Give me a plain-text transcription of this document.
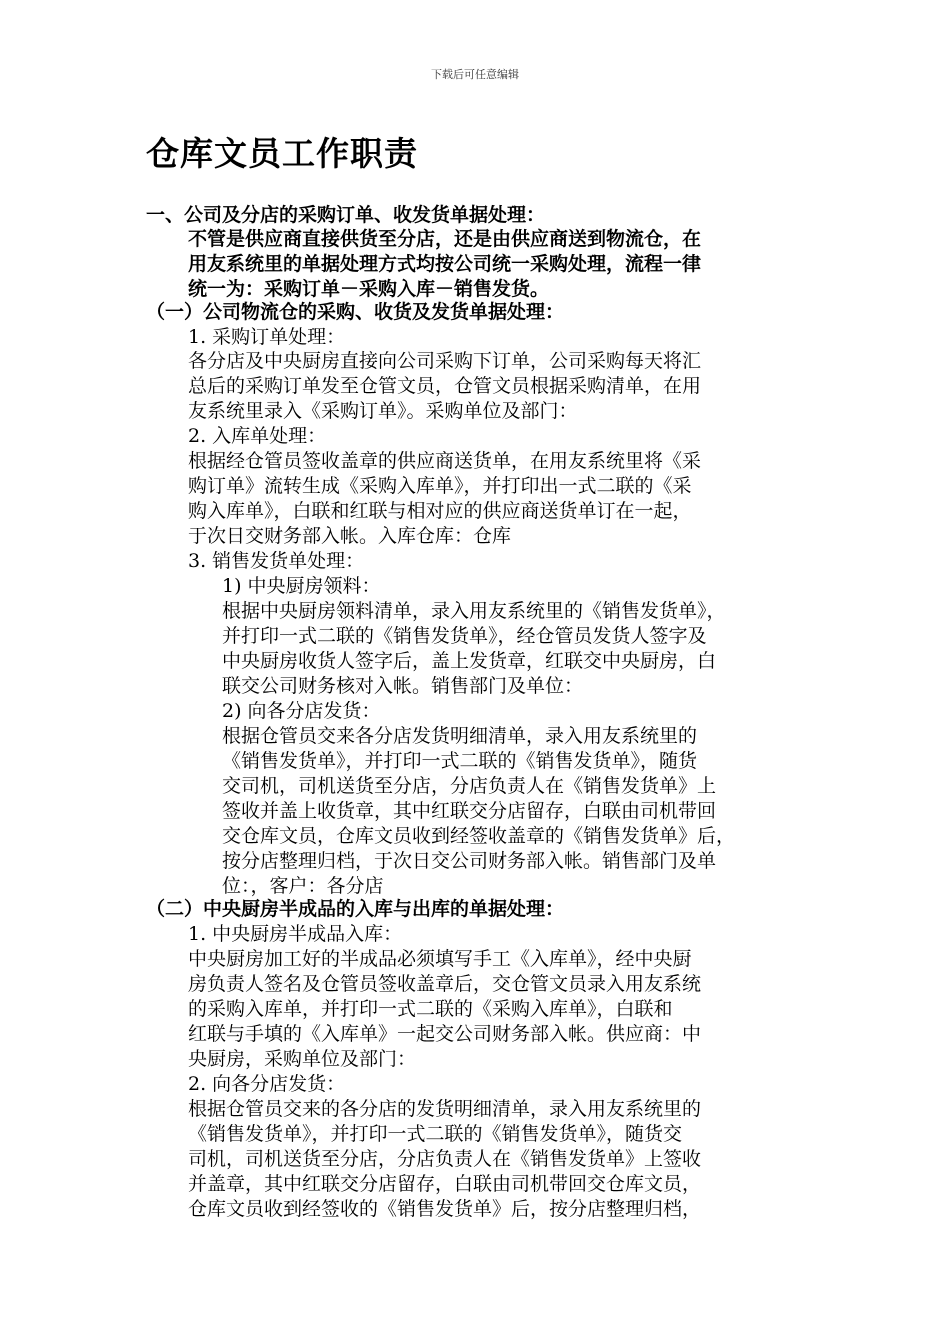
下载后可任意编辑
仓库文员工作职责
一、公司及分店的采购订单、收发货单据处理：
不管是供应商直接供货至分店，还是由供应商送到物流仓，在
用友系统里的单据处理方式均按公司统一采购处理，流程一律
统一为：采购订单－采购入库－销售发货。
（一）公司物流仓的采购、收货及发货单据处理：
1. 采购订单处理：
各分店及中央厨房直接向公司采购下订单，公司采购每天将汇
总后的采购订单发至仓管文员，仓管文员根据采购清单，在用
友系统里录入《采购订单》。采购单位及部门：
2. 入库单处理：
根据经仓管员签收盖章的供应商送货单，在用友系统里将《采
购订单》流转生成《采购入库单》，并打印出一式二联的《采
购入库单》，白联和红联与相对应的供应商送货单订在一起，
于次日交财务部入帐。入库仓库：仓库
3. 销售发货单处理：
1) 中央厨房领料：
根据中央厨房领料清单，录入用友系统里的《销售发货单》，
并打印一式二联的《销售发货单》，经仓管员发货人签字及
中央厨房收货人签字后，盖上发货章，红联交中央厨房，白
联交公司财务核对入帐。销售部门及单位：
2) 向各分店发货：
根据仓管员交来各分店发货明细清单，录入用友系统里的
《销售发货单》，并打印一式二联的《销售发货单》，随货
交司机，司机送货至分店，分店负责人在《销售发货单》上
签收并盖上收货章，其中红联交分店留存，白联由司机带回
交仓库文员，仓库文员收到经签收盖章的《销售发货单》后，
按分店整理归档，于次日交公司财务部入帐。销售部门及单
位：，客户：各分店
（二）中央厨房半成品的入库与出库的单据处理：
1. 中央厨房半成品入库：
中央厨房加工好的半成品必须填写手工《入库单》，经中央厨
房负责人签名及仓管员签收盖章后，交仓管文员录入用友系统
的采购入库单，并打印一式二联的《采购入库单》，白联和
红联与手填的《入库单》一起交公司财务部入帐。供应商：中
央厨房，采购单位及部门：
2. 向各分店发货：
根据仓管员交来的各分店的发货明细清单，录入用友系统里的
《销售发货单》，并打印一式二联的《销售发货单》，随货交
司机，司机送货至分店，分店负责人在《销售发货单》上签收
并盖章，其中红联交分店留存，白联由司机带回交仓库文员，
仓库文员收到经签收的《销售发货单》后，按分店整理归档，
